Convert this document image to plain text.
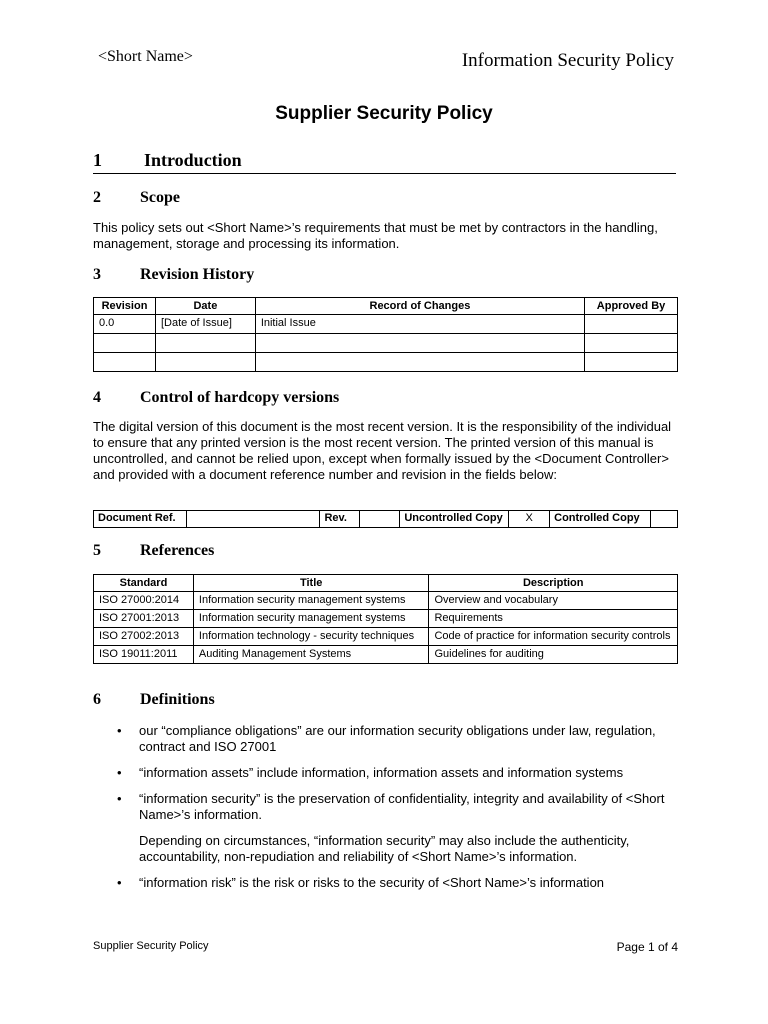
<Short Name>	Information Security Policy
Supplier Security Policy
1 Introduction
2 Scope
This policy sets out <Short Name>’s requirements that must be met by contractors in the handling, management, storage and processing its information.
3 Revision History
Revision	Date	Record of Changes	Approved By
0.0	[Date of Issue]	Initial Issue	

4 Control of hardcopy versions
The digital version of this document is the most recent version. It is the responsibility of the individual to ensure that any printed version is the most recent version. The printed version of this manual is uncontrolled, and cannot be relied upon, except when formally issued by the <Document Controller> and provided with a document reference number and revision in the fields below:
Document Ref.		Rev.		Uncontrolled Copy	X	Controlled Copy	
5 References
Standard	Title	Description
ISO 27000:2014	Information security management systems	Overview and vocabulary
ISO 27001:2013	Information security management systems	Requirements
ISO 27002:2013	Information technology - security techniques	Code of practice for information security controls
ISO 19011:2011	Auditing Management Systems	Guidelines for auditing
6 Definitions
• our “compliance obligations” are our information security obligations under law, regulation, contract and ISO 27001
• “information assets” include information, information assets and information systems
• “information security” is the preservation of confidentiality, integrity and availability of <Short Name>’s information.
Depending on circumstances, “information security” may also include the authenticity, accountability, non-repudiation and reliability of <Short Name>’s information.
• “information risk” is the risk or risks to the security of <Short Name>’s information
Supplier Security Policy	Page 1 of 4
